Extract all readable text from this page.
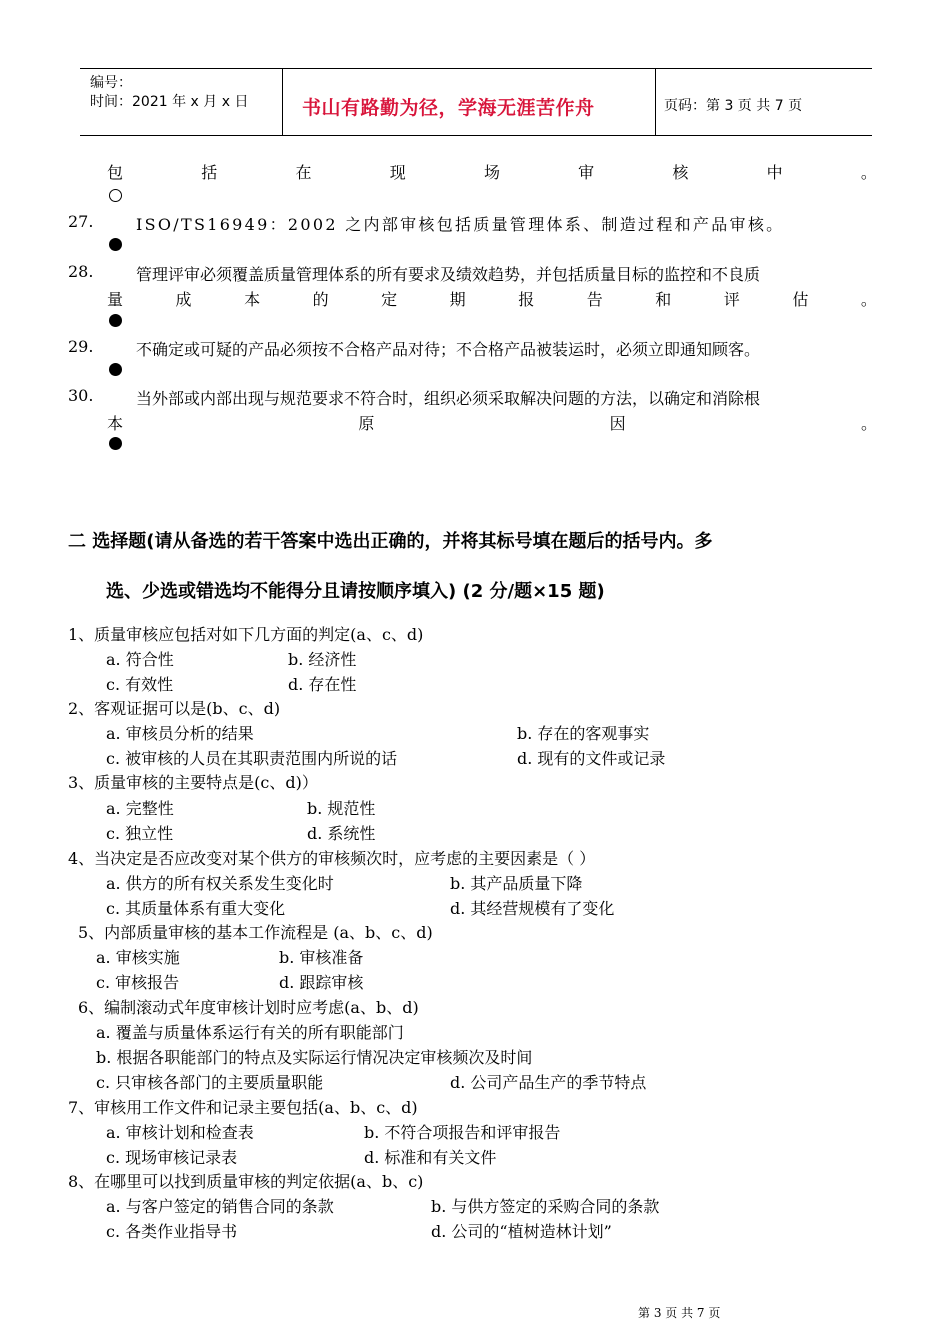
编号：
时间：2021 年 x 月 x 日	书山有路勤为径，学海无涯苦作舟	页码：第 3 页 共 7 页
包	括	在	现	场	审	核	中	。
27.	ISO/TS16949：2002 之内部审核包括质量管理体系、制造过程和产品审核。
28.	管理评审必须覆盖质量管理体系的所有要求及绩效趋势，并包括质量目标的监控和不良质
量	成	本	的	定	期	报	告	和	评	估	。
29.	不确定或可疑的产品必须按不合格产品对待；不合格产品被装运时，必须立即通知顾客。
30.	当外部或内部出现与规范要求不符合时，组织必须采取解决问题的方法，以确定和消除根
本	原	因	。
二 选择题(请从备选的若干答案中选出正确的，并将其标号填在题后的括号内。多
选、少选或错选均不能得分且请按顺序填入) (2 分/题×15 题)
1、质量审核应包括对如下几方面的判定(a、c、d)
a. 符合性	b. 经济性
c. 有效性	d. 存在性
2、客观证据可以是(b、c、d)
a. 审核员分析的结果	b. 存在的客观事实
c. 被审核的人员在其职责范围内所说的话	d. 现有的文件或记录
3、质量审核的主要特点是(c、d)）
a. 完整性	b. 规范性
c. 独立性	d. 系统性
4、当决定是否应改变对某个供方的审核频次时，应考虑的主要因素是（ ）
a. 供方的所有权关系发生变化时	b. 其产品质量下降
c. 其质量体系有重大变化	d. 其经营规模有了变化
5、内部质量审核的基本工作流程是 (a、b、c、d)
a. 审核实施	b. 审核准备
c. 审核报告	d. 跟踪审核
6、编制滚动式年度审核计划时应考虑(a、b、d)
a. 覆盖与质量体系运行有关的所有职能部门
b. 根据各职能部门的特点及实际运行情况决定审核频次及时间
c. 只审核各部门的主要质量职能	d. 公司产品生产的季节特点
7、审核用工作文件和记录主要包括(a、b、c、d)
a. 审核计划和检查表	b. 不符合项报告和评审报告
c. 现场审核记录表	d. 标准和有关文件
8、在哪里可以找到质量审核的判定依据(a、b、c)
a. 与客户签定的销售合同的条款	b. 与供方签定的采购合同的条款
c. 各类作业指导书	d. 公司的“植树造林计划”
第 3 页 共 7 页
